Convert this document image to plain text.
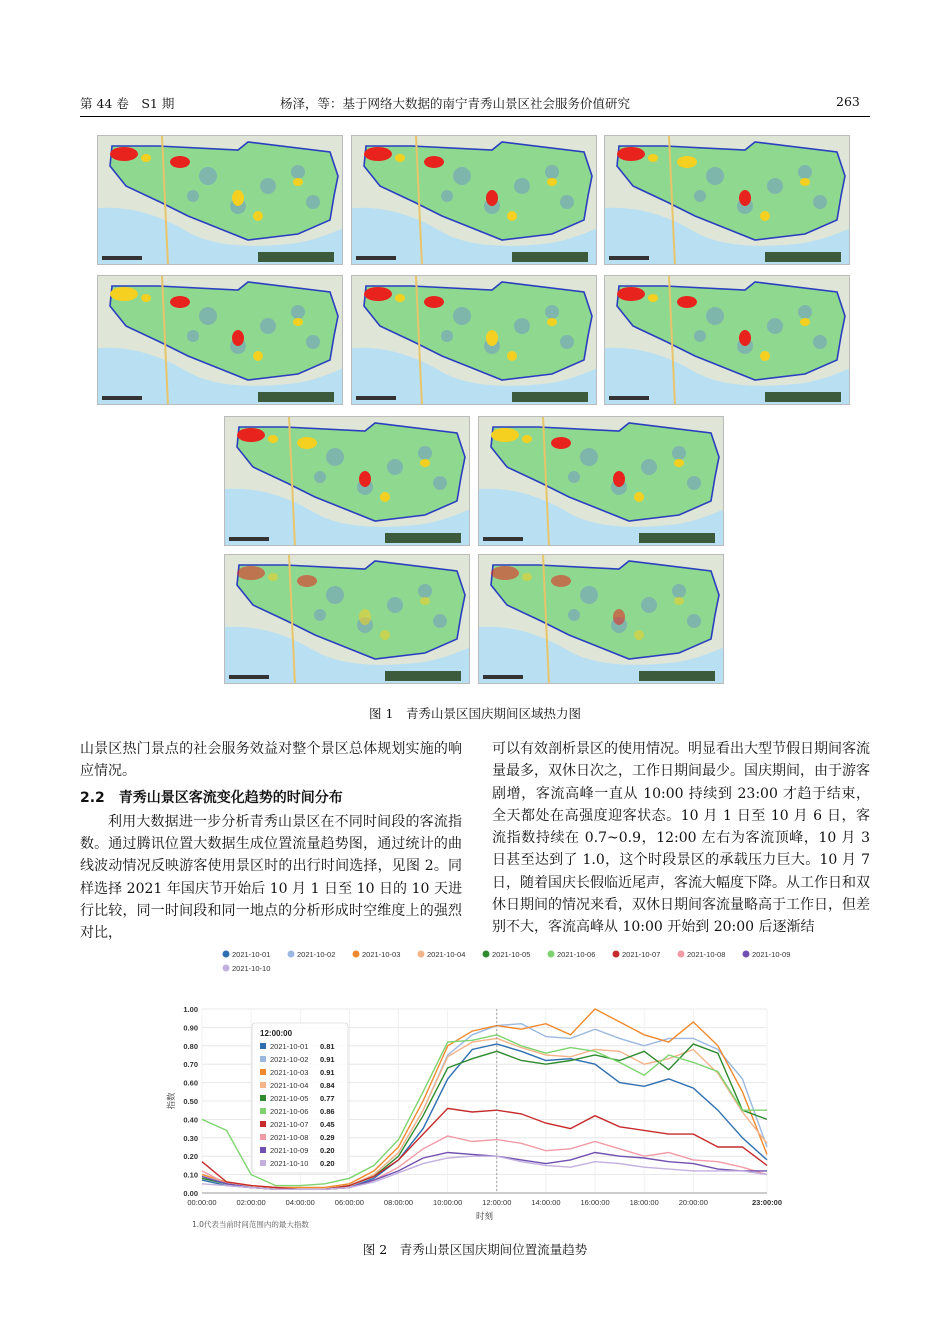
第 44 卷　S1 期	杨泽，等：基于网络大数据的南宁青秀山景区社会服务价值研究	263
图 1　青秀山景区国庆期间区域热力图

山景区热门景点的社会服务效益对整个景区总体规划实施的响应情况。

2.2　青秀山景区客流变化趋势的时间分布

利用大数据进一步分析青秀山景区在不同时间段的客流指数。通过腾讯位置大数据生成位置流量趋势图，通过统计的曲线波动情况反映游客使用景区时的出行时间选择，见图 2。同样选择 2021 年国庆节开始后 10 月 1 日至 10 日的 10 天进行比较，同一时间段和同一地点的分析形成时空维度上的强烈对比，

可以有效剖析景区的使用情况。明显看出大型节假日期间客流量最多，双休日次之，工作日期间最少。国庆期间，由于游客剧增，客流高峰一直从 10:00 持续到 23:00 才趋于结束，全天都处在高强度迎客状态。10 月 1 日至 10 月 6 日，客流指数持续在 0.7~0.9，12:00 左右为客流顶峰，10 月 3 日甚至达到了 1.0，这个时段景区的承载压力巨大。10 月 7 日，随着国庆长假临近尾声，客流大幅度下降。从工作日和双休日期间的情况来看，双休日期间客流量略高于工作日，但差别不大，客流高峰从 10:00 开始到 20:00 后逐渐结

2021-10-01	2021-10-02	2021-10-03	2021-10-04	2021-10-05	2021-10-06	2021-10-07	2021-10-08	2021-10-09
2021-10-10
0.00
0.10
0.20
0.30
0.40
0.50
0.60
0.70
0.80
0.90
1.00
00:00:00	02:00:00	04:00:00	06:00:00	08:00:00	10:00:00	12:00:00	14:00:00	16:00:00	18:00:00	20:00:00	23:00:00
时刻
指数
12:00:00
2021-10-01 0.81
2021-10-02 0.91
2021-10-03 0.91
2021-10-04 0.84
2021-10-05 0.77
2021-10-06 0.86
2021-10-07 0.45
2021-10-08 0.29
2021-10-09 0.20
2021-10-10 0.20
1.0代表当前时间范围内的最大指数
图 2　青秀山景区国庆期间位置流量趋势
